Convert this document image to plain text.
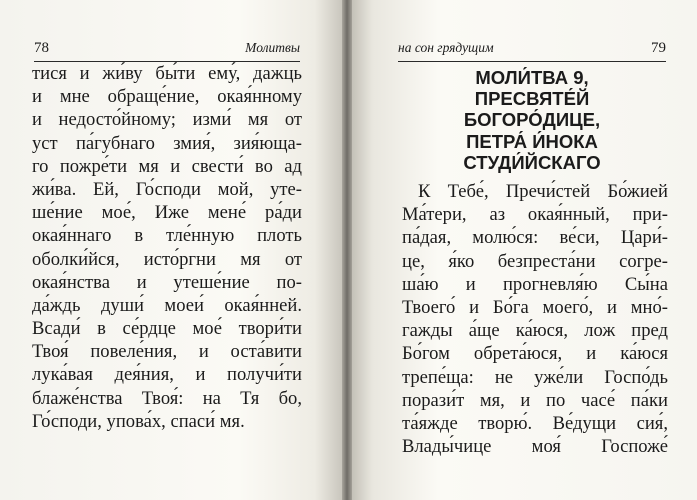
78	Молитвы
тися и жи́ву бы́ти ему́, дажць
и мне обраще́ние, окая́нному
и недосто́йному; изми́ мя от
уст па́губнаго змия́, зия́юща-
го пожре́ти мя и свести́ во ад
жи́ва. Ей, Го́споди мой, уте-
ше́ние мое́, Иже мене́ ра́ди
окая́ннаго в тле́нную плоть
оболки́йся, исто́ргни мя от
окая́нства и утеше́ние по-
да́ждь души́ моеи́ окая́нней.
Всади́ в се́рдце мое́ твори́ти
Твоя́ повеле́ния, и оста́вити
лука́вая дея́ния, и получи́ти
блаже́нства Твоя́: на Тя бо,
Го́споди, упова́х, спаси́ мя.
на сон грядущим	79
МОЛИ́ТВА 9,
ПРЕСВЯТЕ́Й
БОГОРО́ДИЦЕ,
ПЕТРА́ И́НОКА
СТУДИ́ЙСКАГО
К Тебе́, Пречи́стей Бо́жией
Ма́тери, аз окая́нный, при-
па́дая, молю́ся: ве́си, Цари́-
це, я́ко безпреста́ни согре-
ша́ю и прогневля́ю Сы́на
Твоего́ и Бо́га моего́, и мно́-
гажды а́ще ка́юся, лож пред
Бо́гом обрета́юся, и ка́юся
трепе́ща: не уже́ли Госпо́дь
порази́т мя, и по часе́ па́ки
та́яжде творю́. Ве́дущи сия́,
Влады́чице моя́ Госпоже́
